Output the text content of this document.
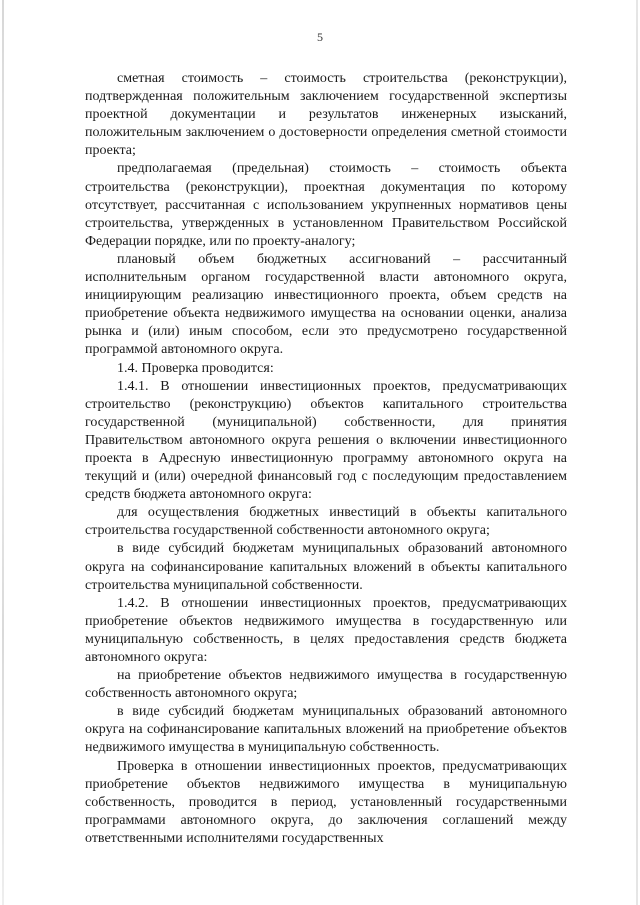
5

сметная стоимость – стоимость строительства (реконструкции), подтвержденная положительным заключением государственной экспертизы проектной документации и результатов инженерных изысканий, положительным заключением о достоверности определения сметной стоимости проекта;

предполагаемая (предельная) стоимость – стоимость объекта строительства (реконструкции), проектная документация по которому отсутствует, рассчитанная с использованием укрупненных нормативов цены строительства, утвержденных в установленном Правительством Российской Федерации порядке, или по проекту-аналогу;

плановый объем бюджетных ассигнований – рассчитанный исполнительным органом государственной власти автономного округа, инициирующим реализацию инвестиционного проекта, объем средств на приобретение объекта недвижимого имущества на основании оценки, анализа рынка и (или) иным способом, если это предусмотрено государственной программой автономного округа.

1.4. Проверка проводится:

1.4.1. В отношении инвестиционных проектов, предусматривающих строительство (реконструкцию) объектов капитального строительства государственной (муниципальной) собственности, для принятия Правительством автономного округа решения о включении инвестиционного проекта в Адресную инвестиционную программу автономного округа на текущий и (или) очередной финансовый год с последующим предоставлением средств бюджета автономного округа:

для осуществления бюджетных инвестиций в объекты капитального строительства государственной собственности автономного округа;

в виде субсидий бюджетам муниципальных образований автономного округа на софинансирование капитальных вложений в объекты капитального строительства муниципальной собственности.

1.4.2. В отношении инвестиционных проектов, предусматривающих приобретение объектов недвижимого имущества в государственную или муниципальную собственность, в целях предоставления средств бюджета автономного округа:

на приобретение объектов недвижимого имущества в государственную собственность автономного округа;

в виде субсидий бюджетам муниципальных образований автономного округа на софинансирование капитальных вложений на приобретение объектов недвижимого имущества в муниципальную собственность.

Проверка в отношении инвестиционных проектов, предусматривающих приобретение объектов недвижимого имущества в муниципальную собственность, проводится в период, установленный государственными программами автономного округа, до заключения соглашений между ответственными исполнителями государственных
